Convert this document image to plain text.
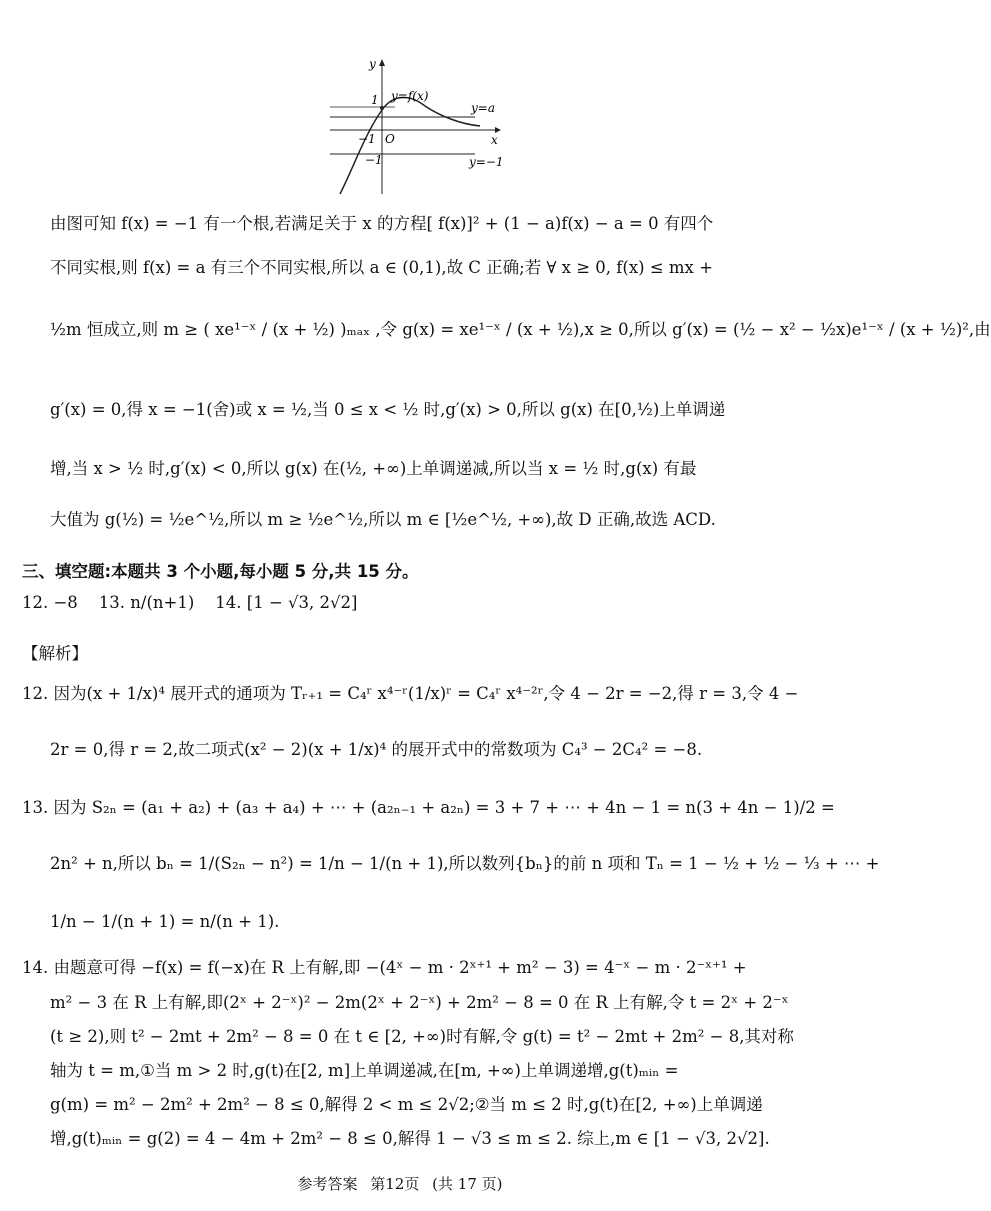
y
x
O
y=f(x)
y=a
y=−1
1
−1
−1
由图可知 f(x) = −1 有一个根,若满足关于 x 的方程[ f(x)]² + (1 − a)f(x) − a = 0 有四个
不同实根,则 f(x) = a 有三个不同实根,所以 a ∈ (0,1),故 C 正确;若 ∀ x ≥ 0, f(x) ≤ mx +
½m 恒成立,则 m ≥ ( xe¹⁻ˣ / (x + ½) )ₘₐₓ ,令 g(x) = xe¹⁻ˣ / (x + ½),x ≥ 0,所以 g′(x) = (½ − x² − ½x)e¹⁻ˣ / (x + ½)²,由
g′(x) = 0,得 x = −1(舍)或 x = ½,当 0 ≤ x < ½ 时,g′(x) > 0,所以 g(x) 在[0,½)上单调递
增,当 x > ½ 时,g′(x) < 0,所以 g(x) 在(½, +∞)上单调递减,所以当 x = ½ 时,g(x) 有最
大值为 g(½) = ½e^½,所以 m ≥ ½e^½,所以 m ∈ [½e^½, +∞),故 D 正确,故选 ACD.
三、填空题:本题共 3 个小题,每小题 5 分,共 15 分。
12. −8 13. n/(n+1) 14. [1 − √3, 2√2]
【解析】
12. 因为(x + 1/x)⁴ 展开式的通项为 Tᵣ₊₁ = C₄ʳ x⁴⁻ʳ(1/x)ʳ = C₄ʳ x⁴⁻²ʳ,令 4 − 2r = −2,得 r = 3,令 4 −
2r = 0,得 r = 2,故二项式(x² − 2)(x + 1/x)⁴ 的展开式中的常数项为 C₄³ − 2C₄² = −8.
13. 因为 S₂ₙ = (a₁ + a₂) + (a₃ + a₄) + ⋯ + (a₂ₙ₋₁ + a₂ₙ) = 3 + 7 + ⋯ + 4n − 1 = n(3 + 4n − 1)/2 =
2n² + n,所以 bₙ = 1/(S₂ₙ − n²) = 1/n − 1/(n + 1),所以数列{bₙ}的前 n 项和 Tₙ = 1 − ½ + ½ − ⅓ + ⋯ +
1/n − 1/(n + 1) = n/(n + 1).
14. 由题意可得 −f(x) = f(−x)在 R 上有解,即 −(4ˣ − m · 2ˣ⁺¹ + m² − 3) = 4⁻ˣ − m · 2⁻ˣ⁺¹ +
m² − 3 在 R 上有解,即(2ˣ + 2⁻ˣ)² − 2m(2ˣ + 2⁻ˣ) + 2m² − 8 = 0 在 R 上有解,令 t = 2ˣ + 2⁻ˣ
(t ≥ 2),则 t² − 2mt + 2m² − 8 = 0 在 t ∈ [2, +∞)时有解,令 g(t) = t² − 2mt + 2m² − 8,其对称
轴为 t = m,①当 m > 2 时,g(t)在[2, m]上单调递减,在[m, +∞)上单调递增,g(t)ₘᵢₙ =
g(m) = m² − 2m² + 2m² − 8 ≤ 0,解得 2 < m ≤ 2√2;②当 m ≤ 2 时,g(t)在[2, +∞)上单调递
增,g(t)ₘᵢₙ = g(2) = 4 − 4m + 2m² − 8 ≤ 0,解得 1 − √3 ≤ m ≤ 2. 综上,m ∈ [1 − √3, 2√2].
参考答案 第12页 (共 17 页)
